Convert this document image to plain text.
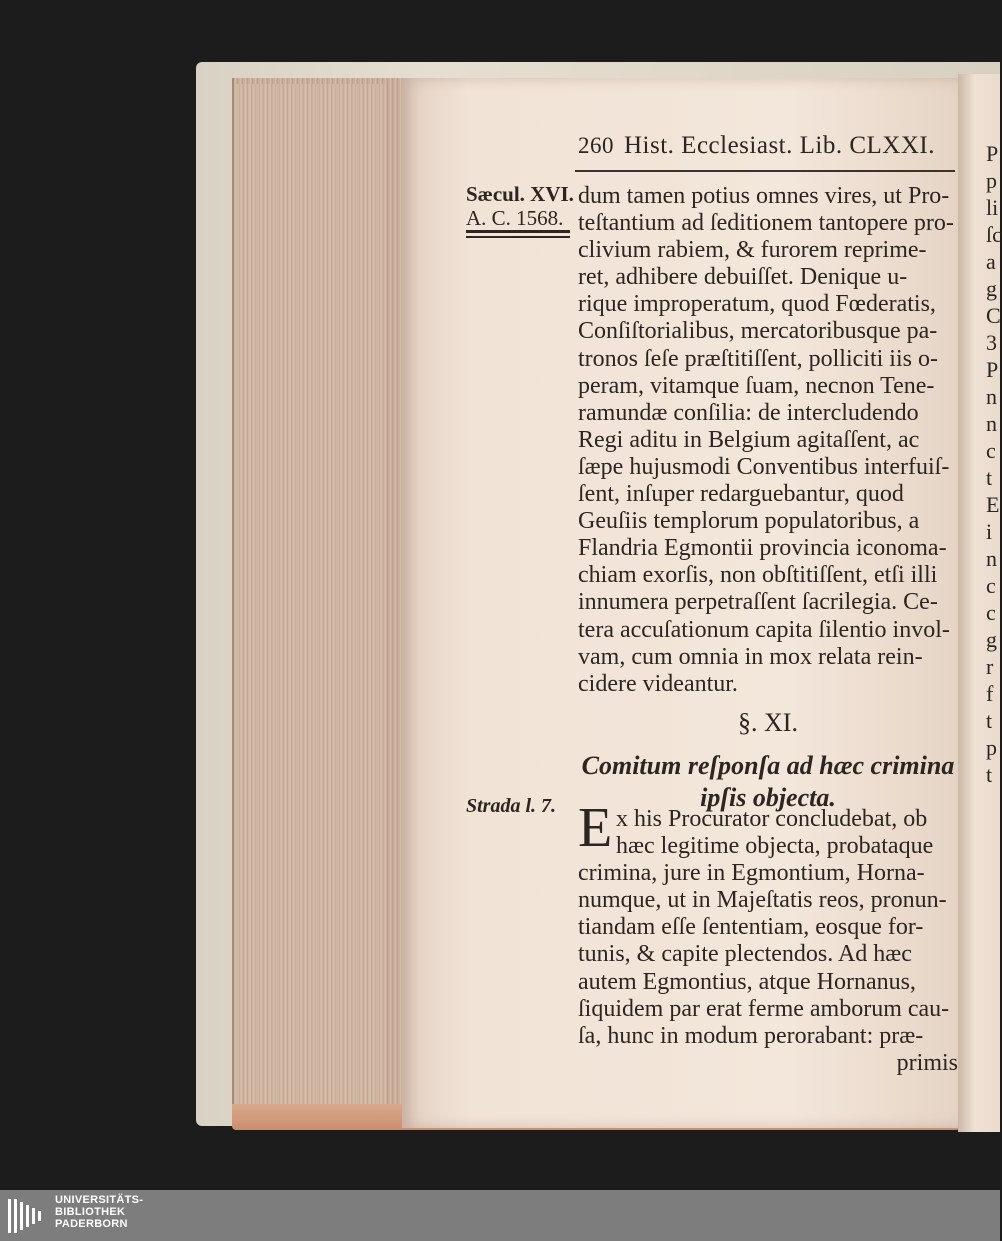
260 Hist. Ecclesiast. Lib. CLXXI.
Sæcul. XVI.
A. C. 1568.
Strada l. 7.
dum tamen potius omnes vires, ut Pro-
teſtantium ad ſeditionem tantopere pro-
clivium rabiem, & furorem reprime-
ret, adhibere debuiſſet. Denique u-
rique improperatum, quod Fœderatis,
Conſiſtorialibus, mercatoribusque pa-
tronos ſeſe præſtitiſſent, polliciti iis o-
peram, vitamque ſuam, necnon Tene-
ramundæ conſilia: de intercludendo
Regi aditu in Belgium agitaſſent, ac
ſæpe hujusmodi Conventibus interfuiſ-
ſent, inſuper redarguebantur, quod
Geuſiis templorum populatoribus, a
Flandria Egmontii provincia iconoma-
chiam exorſis, non obſtitiſſent, etſi illi
innumera perpetraſſent ſacrilegia. Ce-
tera accuſationum capita ſilentio invol-
vam, cum omnia in mox relata rein-
cidere videantur.
§. XI.
Comitum reſponſa ad hæc crimina
ipſis objecta.
x his Procurator concludebat, ob
hæc legitime objecta, probataque
crimina, jure in Egmontium, Horna-
numque, ut in Majeſtatis reos, pronun-
tiandam eſſe ſententiam, eosque for-
tunis, & capite plectendos. Ad hæc
autem Egmontius, atque Hornanus,
ſiquidem par erat ferme amborum cau-
ſa, hunc in modum perorabant: præ-
primis
E
P
p
li
ſc
a
g
C
3
P
n
n
c
t
E
i
n
c
c
g
r
f
t
p
t
UNIVERSITÄTS-
BIBLIOTHEK
PADERBORN
